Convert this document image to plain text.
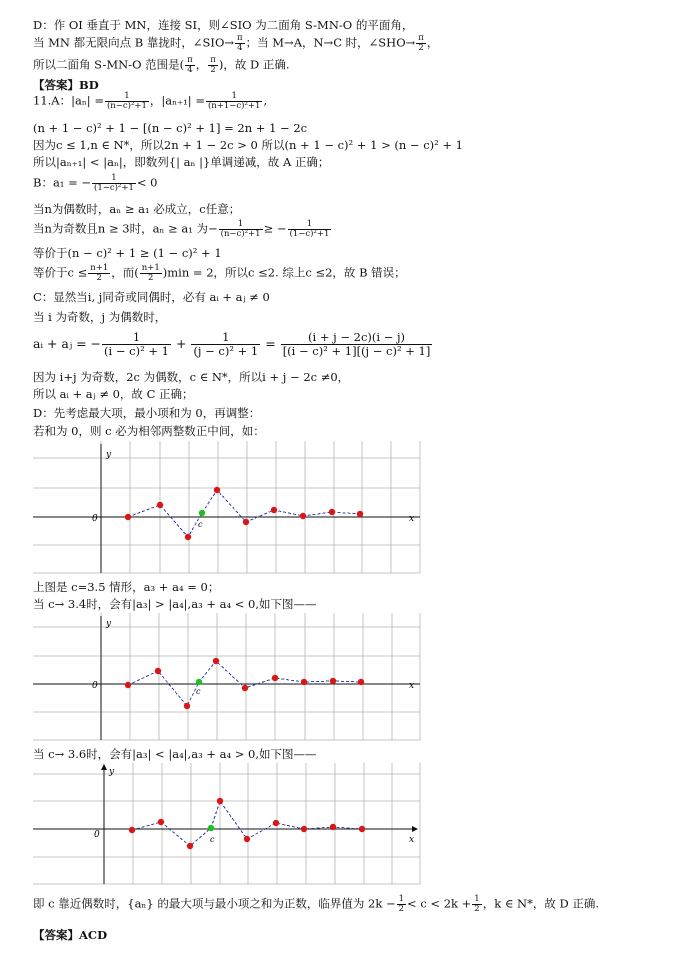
D：作 OI 垂直于 MN，连接 SI，则∠SIO 为二面角 S-MN-O 的平面角，
当 MN 都无限向点 B 靠拢时，∠SIO→ $\frac{\pi}{4}$ ；当 M→A，N→C 时，∠SHO→ $\frac{\pi}{2}$ ，
所以二面角 S-MN-O 范围是( $\frac{\pi}{4}$ ， $\frac{\pi}{2}$ )，故 D 正确.
【答案】BD
11.A：$|a_n| = \frac{1}{\text{(n−c)²+1}}$ ，$|a_{n+1}| = \frac{1}{\text{(n+1−c)²+1}}$ ,
(n + 1 − c)² + 1 − [(n − c)² + 1] = 2n + 1 − 2c
因为c ≤ 1,n ∈ N*，所以2n + 1 − 2c > 0 所以(n + 1 − c)² + 1 > (n − c)² + 1
所以|aₙ₊₁| < |aₙ|，即数列{| aₙ |}单调递减，故 A 正确；
B：a₁ = − $\frac{1}{\text{(1−c)²+1}} < 0$
当n为偶数时，aₙ ≥ a₁ 必成立，c任意；
当n为奇数且n ≥ 3时，aₙ ≥ a₁ 为− $\frac{1}{\text{(n−c)²+1}}$ ≥ − $\frac{1}{\text{(1−c)²+1}}$
等价于(n − c)² + 1 ≥ (1 − c)² + 1
等价于$c \le \frac{n+1}{2}$ ，而( $\frac{n+1}{2} )\min = 2$，所以c ≤2. 综上c ≤2，故 B 错误；
C：显然当i, j同奇或同偶时，必有 aᵢ + aⱼ ≠ 0
当 i 为奇数，j 为偶数时，
aᵢ + aⱼ = − $\frac{1}{\text{(i − c)² + 1}} + \frac{1}{\text{(j − c)² + 1}} = \frac{(i + j - 2c)(i - j)}{\text{[(i − c)² + 1][(j − c)² + 1]}}$
因为 i+j 为奇数，2c 为偶数，c ∈ N*，所以i + j − 2c ≠0，
所以 aᵢ + aⱼ ≠ 0，故 C 正确；
D：先考虑最大项，最小项和为 0，再调整：
若和为 0，则 c 必为相邻两整数正中间，如：
y
x
0
c
上图是 c=3.5 情形，a₃ + a₄ = 0；
当 c→ 3.4时，会有|a₃| > |a₄|,a₃ + a₄ < 0,如下图——
y
x
0
c
当 c→ 3.6时，会有|a₃| < |a₄|,a₃ + a₄ > 0,如下图——
y
x
0	c
即 c 靠近偶数时，{aₙ} 的最大项与最小项之和为正数，临界值为 $2k - \frac{1}{2} < c < 2k + \frac{1}{2}$ ，k ∈ N*，故 D 正确.
【答案】ACD
